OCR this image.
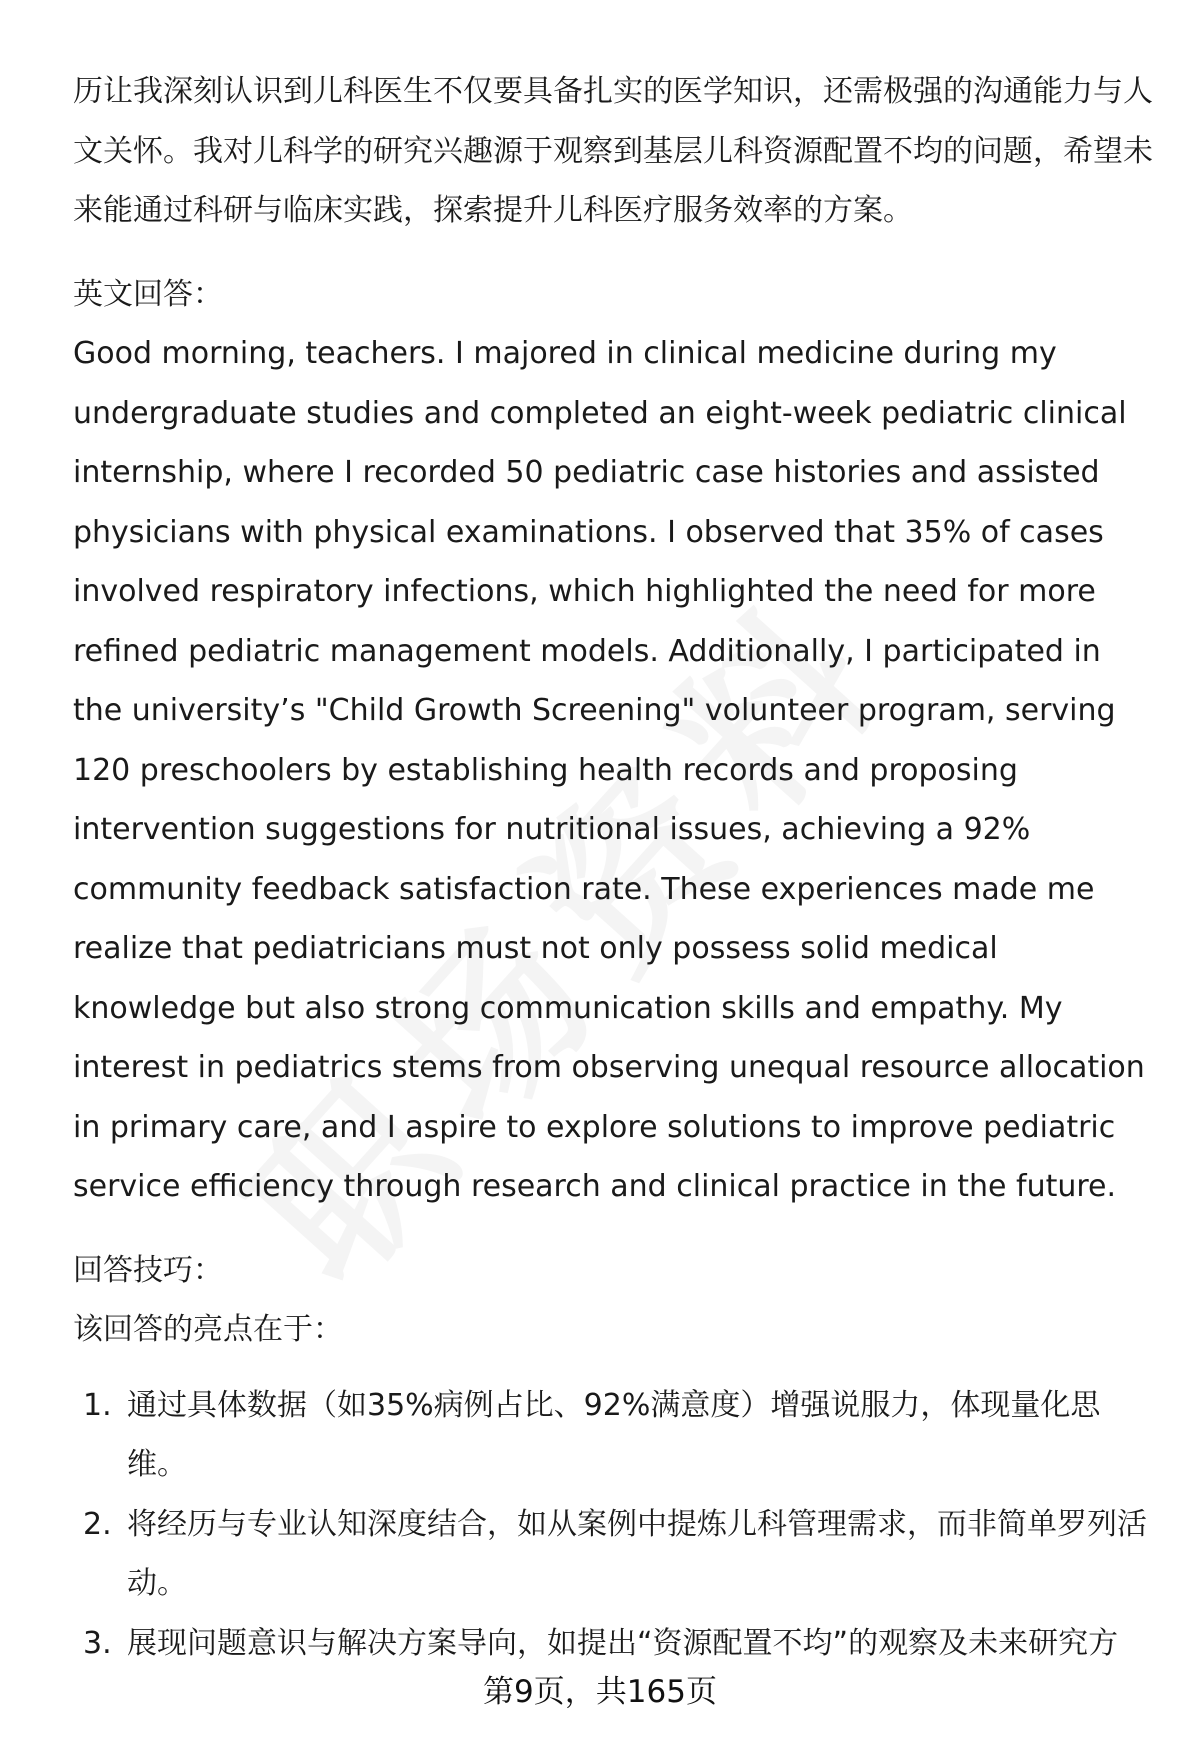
历让我深刻认识到儿科医生不仅要具备扎实的医学知识，还需极强的沟通能力与人文关怀。我对儿科学的研究兴趣源于观察到基层儿科资源配置不均的问题，希望未来能通过科研与临床实践，探索提升儿科医疗服务效率的方案。

英文回答：

Good morning, teachers. I majored in clinical medicine during my undergraduate studies and completed an eight-week pediatric clinical internship, where I recorded 50 pediatric case histories and assisted physicians with physical examinations. I observed that 35% of cases involved respiratory infections, which highlighted the need for more refined pediatric management models. Additionally, I participated in the university’s "Child Growth Screening" volunteer program, serving 120 preschoolers by establishing health records and proposing intervention suggestions for nutritional issues, achieving a 92% community feedback satisfaction rate. These experiences made me realize that pediatricians must not only possess solid medical knowledge but also strong communication skills and empathy. My interest in pediatrics stems from observing unequal resource allocation in primary care, and I aspire to explore solutions to improve pediatric service efficiency through research and clinical practice in the future.

回答技巧：

该回答的亮点在于：

1. 通过具体数据（如35%病例占比、92%满意度）增强说服力，体现量化思维。
2. 将经历与专业认知深度结合，如从案例中提炼儿科管理需求，而非简单罗列活动。
3. 展现问题意识与解决方案导向，如提出“资源配置不均”的观察及未来研究方
第9页，共165页
